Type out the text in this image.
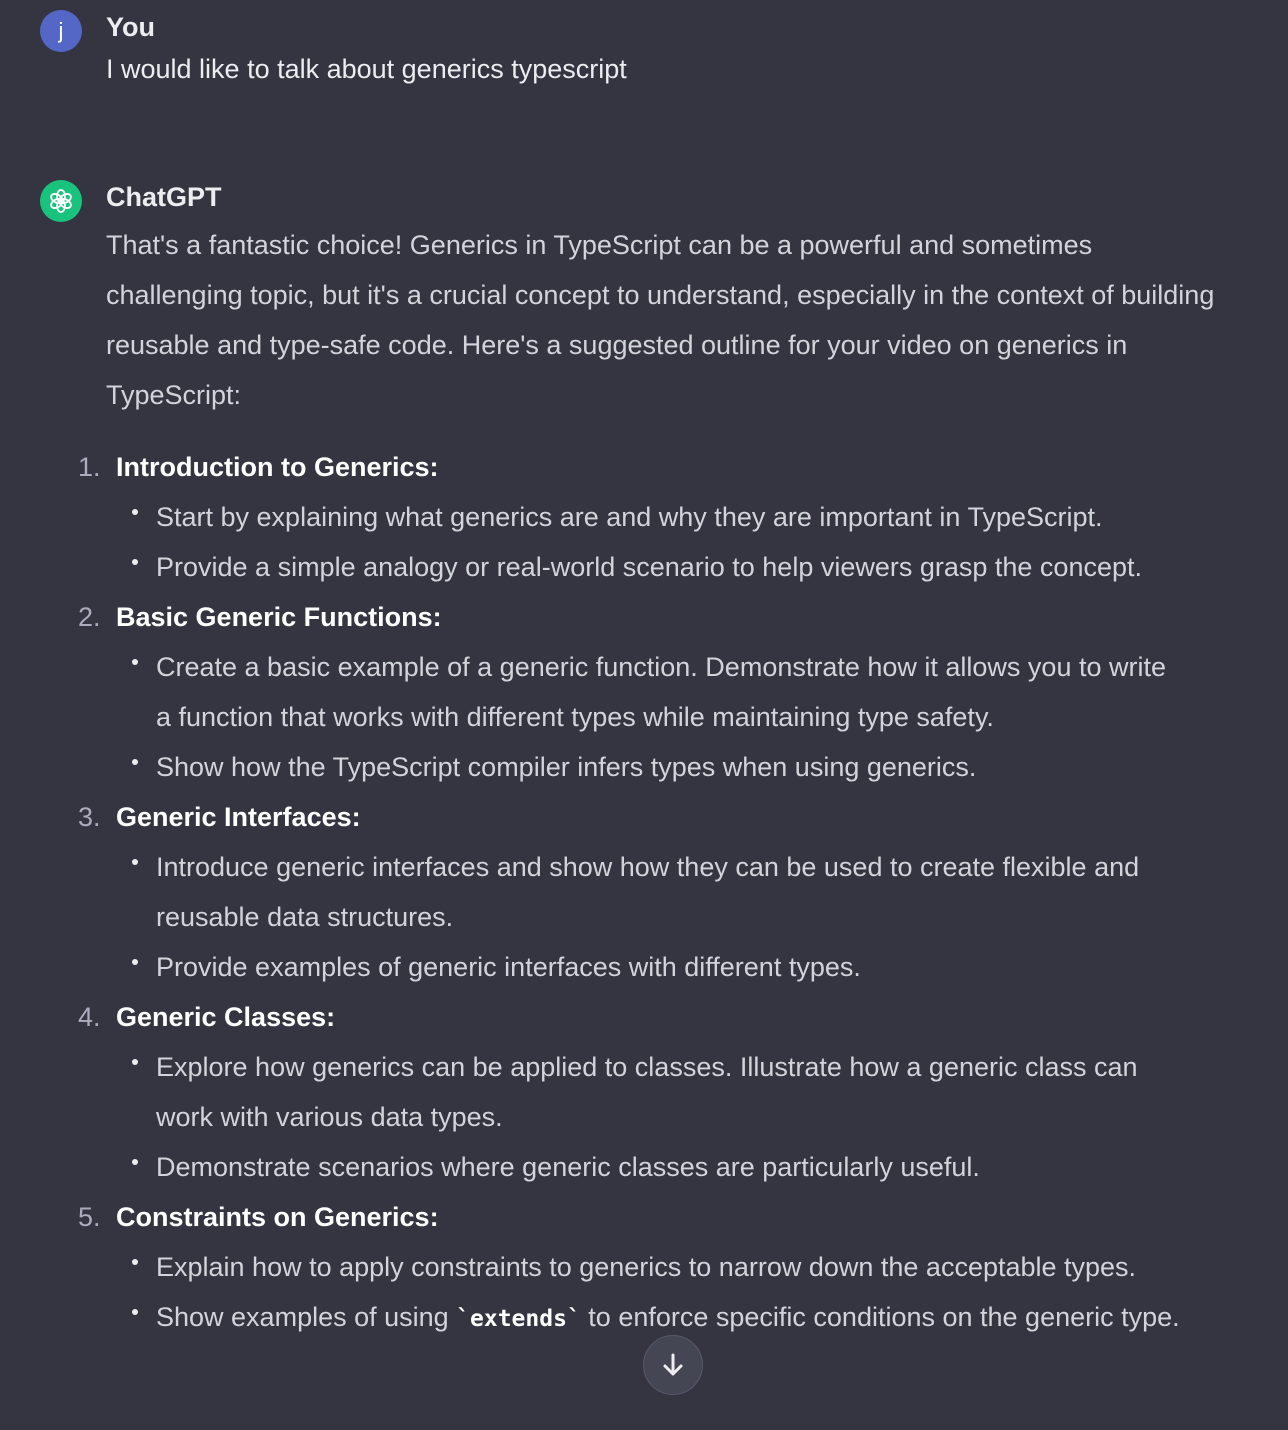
j You
I would like to talk about generics typescript
ChatGPT

That's a fantastic choice! Generics in TypeScript can be a powerful and sometimes challenging topic, but it's a crucial concept to understand, especially in the context of building reusable and type-safe code. Here's a suggested outline for your video on generics in TypeScript:

1. Introduction to Generics:
Start by explaining what generics are and why they are important in TypeScript.
Provide a simple analogy or real-world scenario to help viewers grasp the concept.
2. Basic Generic Functions:
Create a basic example of a generic function. Demonstrate how it allows you to write a function that works with different types while maintaining type safety.
Show how the TypeScript compiler infers types when using generics.
3. Generic Interfaces:
Introduce generic interfaces and show how they can be used to create flexible and reusable data structures.
Provide examples of generic interfaces with different types.
4. Generic Classes:
Explore how generics can be applied to classes. Illustrate how a generic class can work with various data types.
Demonstrate scenarios where generic classes are particularly useful.
5. Constraints on Generics:
Explain how to apply constraints to generics to narrow down the acceptable types.
Show examples of using `extends` to enforce specific conditions on the generic type.
